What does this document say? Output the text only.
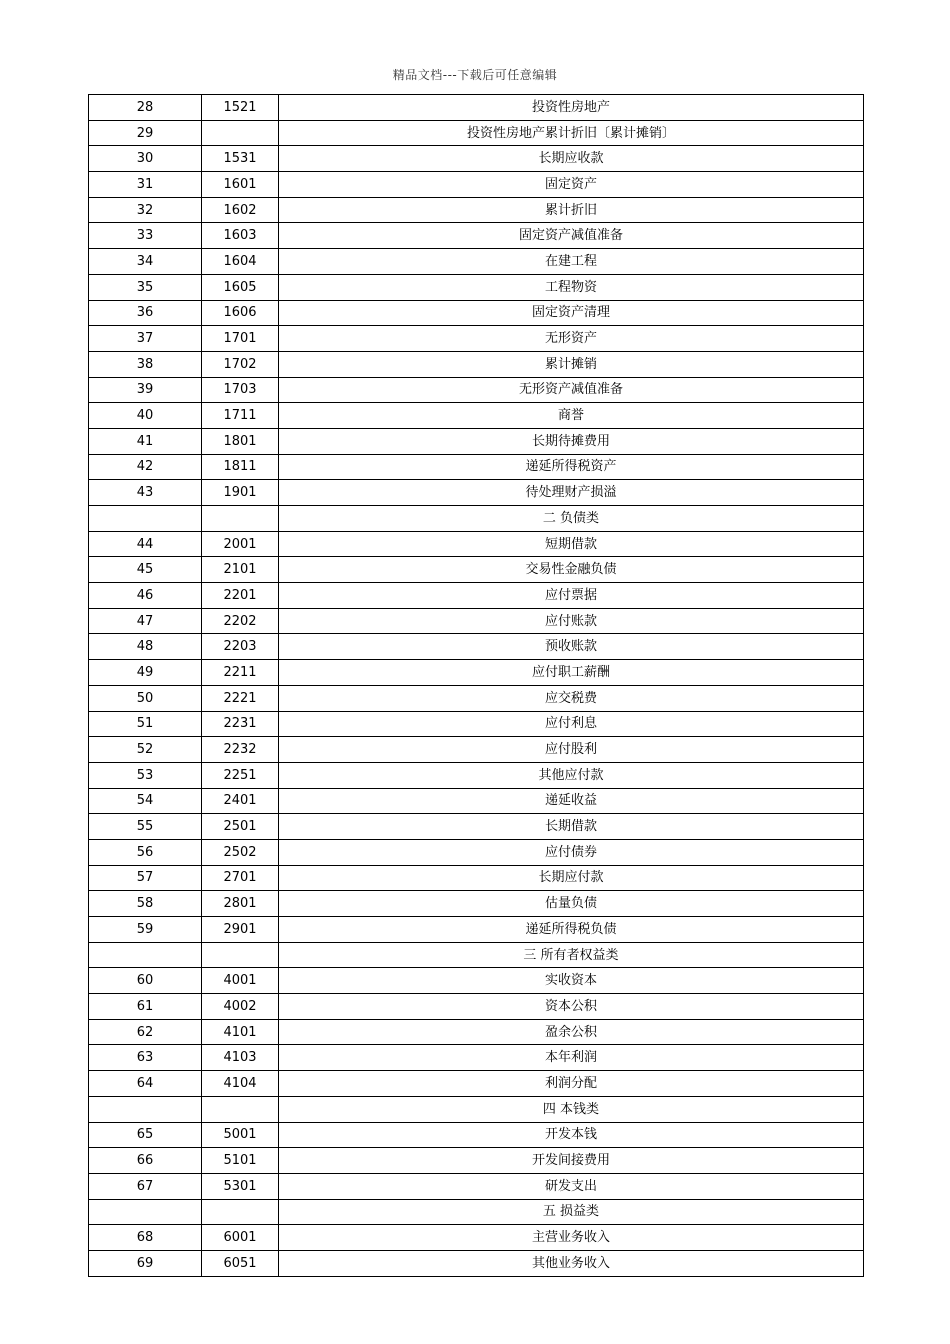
精品文档---下载后可任意编辑
28	1521	投资性房地产
29		投资性房地产累计折旧〔累计摊销〕
30	1531	长期应收款
31	1601	固定资产
32	1602	累计折旧
33	1603	固定资产减值准备
34	1604	在建工程
35	1605	工程物资
36	1606	固定资产清理
37	1701	无形资产
38	1702	累计摊销
39	1703	无形资产减值准备
40	1711	商誉
41	1801	长期待摊费用
42	1811	递延所得税资产
43	1901	待处理财产损溢
		二 负债类
44	2001	短期借款
45	2101	交易性金融负债
46	2201	应付票据
47	2202	应付账款
48	2203	预收账款
49	2211	应付职工薪酬
50	2221	应交税费
51	2231	应付利息
52	2232	应付股利
53	2251	其他应付款
54	2401	递延收益
55	2501	长期借款
56	2502	应付债券
57	2701	长期应付款
58	2801	估量负债
59	2901	递延所得税负债
		三 所有者权益类
60	4001	实收资本
61	4002	资本公积
62	4101	盈余公积
63	4103	本年利润
64	4104	利润分配
		四 本钱类
65	5001	开发本钱
66	5101	开发间接费用
67	5301	研发支出
		五 损益类
68	6001	主营业务收入
69	6051	其他业务收入
